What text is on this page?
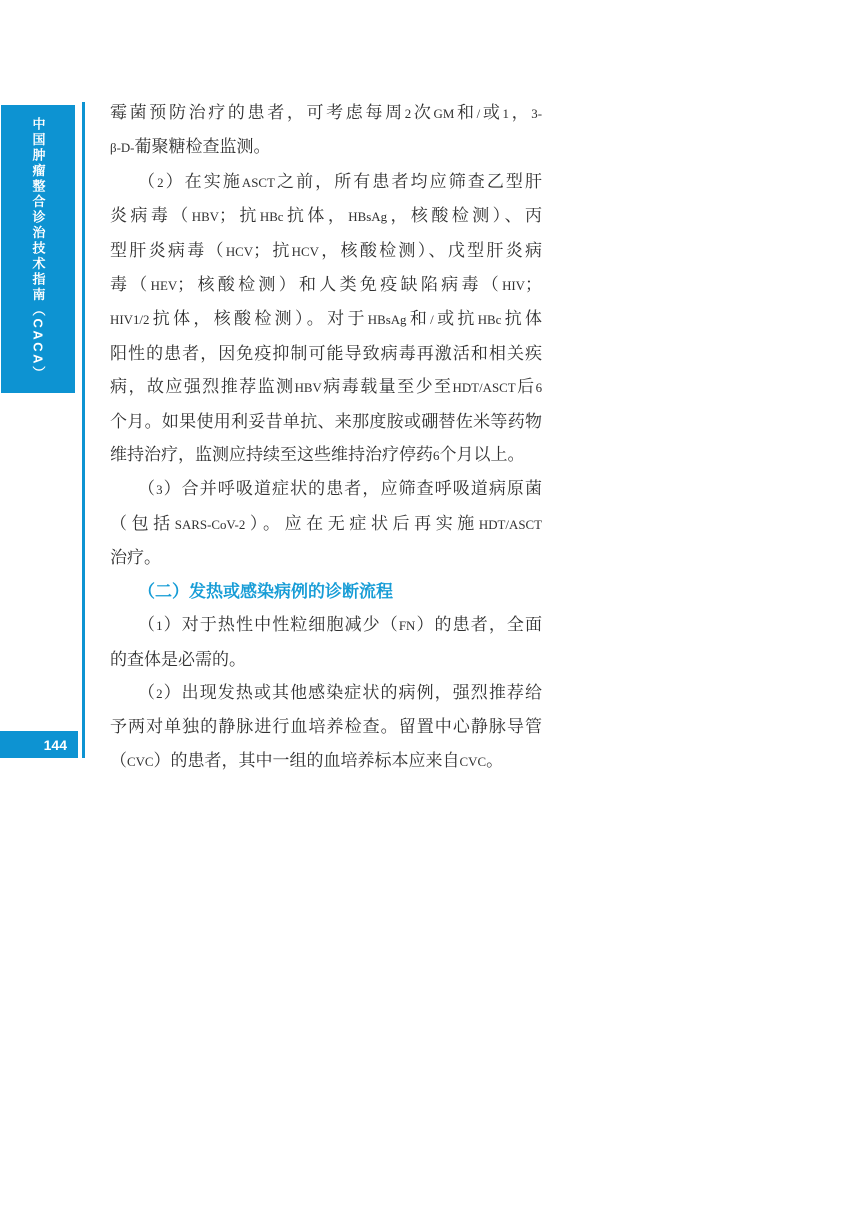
中国肿瘤整合诊治技术指南（CACA）
霉菌预防治疗的患者，可考虑每周2次GM和/或1，3-
β-D-葡聚糖检查监测。
（2）在实施ASCT之前，所有患者均应筛查乙型肝
炎病毒（HBV；抗HBc抗体，HBsAg，核酸检测）、丙
型肝炎病毒（HCV；抗HCV，核酸检测）、戊型肝炎病
毒（HEV；核酸检测）和人类免疫缺陷病毒（HIV；
HIV1/2抗体，核酸检测）。对于HBsAg和/或抗HBc抗体
阳性的患者，因免疫抑制可能导致病毒再激活和相关疾
病，故应强烈推荐监测HBV病毒载量至少至HDT/ASCT后6
个月。如果使用利妥昔单抗、来那度胺或硼替佐米等药物
维持治疗，监测应持续至这些维持治疗停药6个月以上。
（3）合并呼吸道症状的患者，应筛查呼吸道病原菌
（包括SARS-CoV-2）。应在无症状后再实施HDT/ASCT
治疗。
（二）发热或感染病例的诊断流程
（1）对于热性中性粒细胞减少（FN）的患者，全面
的查体是必需的。
（2）出现发热或其他感染症状的病例，强烈推荐给
予两对单独的静脉进行血培养检查。留置中心静脉导管
（CVC）的患者，其中一组的血培养标本应来自CVC。
144
